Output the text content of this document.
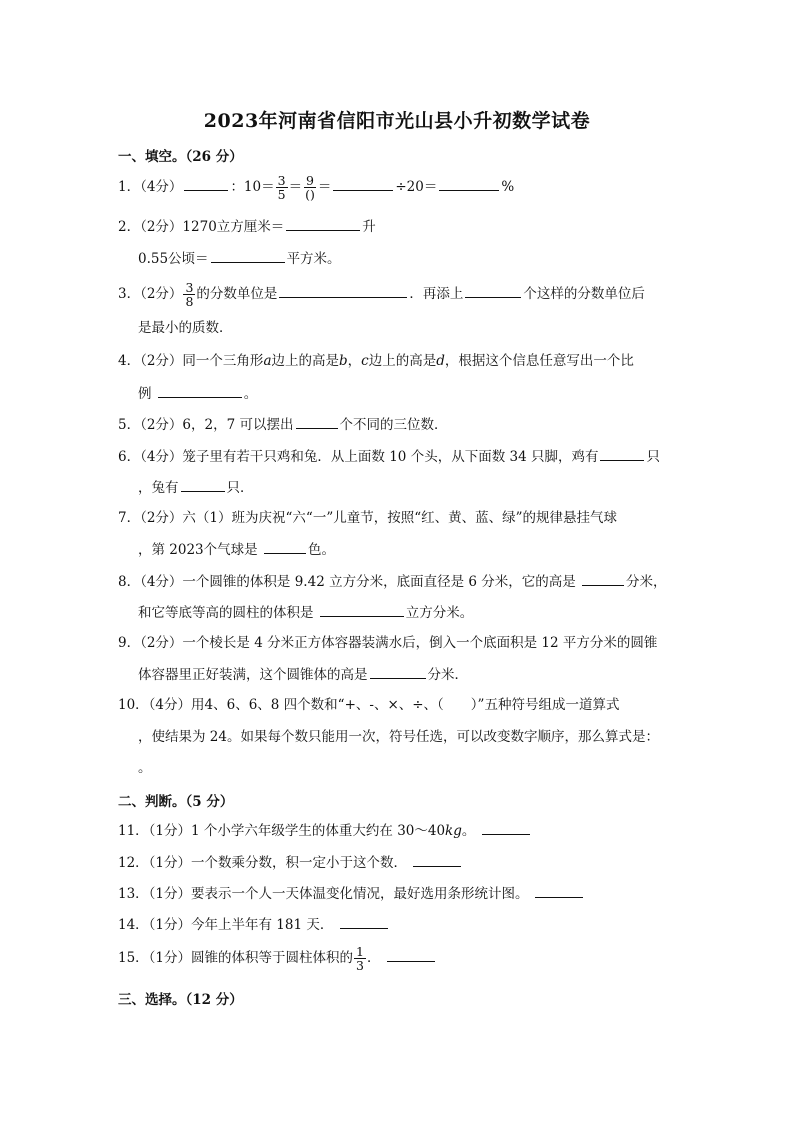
2023年河南省信阳市光山县小升初数学试卷
一、填空。（26 分）
1．（4分）	：$10= \frac{3}{5} = \frac{9}{()}$ ＝	÷20＝	%
2．（2分）1270立方厘米＝	升
0.55公顷＝	平方米。
3．（2分） $\frac{3}{8}$ 的分数单位是	．再添上	个这样的分数单位后
是最小的质数．
4．（2分）同一个三角形a边上的高是b，c边上的高是d，根据这个信息任意写出一个比
例	。
5．（2分）6，2，7 可以摆出	个不同的三位数．
6．（4分）笼子里有若干只鸡和兔．从上面数 10 个头，从下面数 34 只脚，鸡有	只
，兔有	只．
7．（2分）六（1）班为庆祝“六“一”儿童节，按照“红、黄、蓝、绿”的规律悬挂气球
，第 2023个气球是	色。
8．（4分）一个圆锥的体积是 9.42 立方分米，底面直径是 6 分米，它的高是	分米，
和它等底等高的圆柱的体积是	立方分米。
9．（2分）一个棱长是 4 分米正方体容器装满水后，倒入一个底面积是 12 平方分米的圆锥
体容器里正好装满，这个圆锥体的高是	分米．
10．（4分）用4、6、6、8 四个数和“+、-、×、÷、（　　）”五种符号组成一道算式
，使结果为 24。如果每个数只能用一次，符号任选，可以改变数字顺序，那么算式是：
。
二、判断。（5 分）
11．（1分）1 个小学六年级学生的体重大约在 30～40kg。
12．（1分）一个数乘分数，积一定小于这个数．
13．（1分）要表示一个人一天体温变化情况，最好选用条形统计图。
14．（1分）今年上半年有 181 天．
15．（1分）圆锥的体积等于圆柱体积的 $\frac{1}{3}$ ．
三、选择。（12 分）
